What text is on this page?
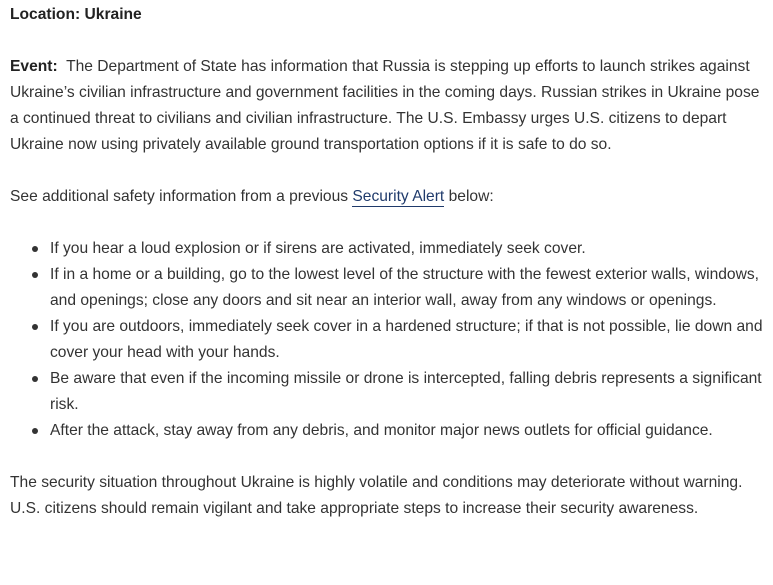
Location: Ukraine

Event: The Department of State has information that Russia is stepping up efforts to launch strikes against Ukraine’s civilian infrastructure and government facilities in the coming days. Russian strikes in Ukraine pose a continued threat to civilians and civilian infrastructure. The U.S. Embassy urges U.S. citizens to depart Ukraine now using privately available ground transportation options if it is safe to do so.

See additional safety information from a previous Security Alert below:

If you hear a loud explosion or if sirens are activated, immediately seek cover.
If in a home or a building, go to the lowest level of the structure with the fewest exterior walls, windows, and openings; close any doors and sit near an interior wall, away from any windows or openings.
If you are outdoors, immediately seek cover in a hardened structure; if that is not possible, lie down and cover your head with your hands.
Be aware that even if the incoming missile or drone is intercepted, falling debris represents a significant risk.
After the attack, stay away from any debris, and monitor major news outlets for official guidance.

The security situation throughout Ukraine is highly volatile and conditions may deteriorate without warning. U.S. citizens should remain vigilant and take appropriate steps to increase their security awareness.
